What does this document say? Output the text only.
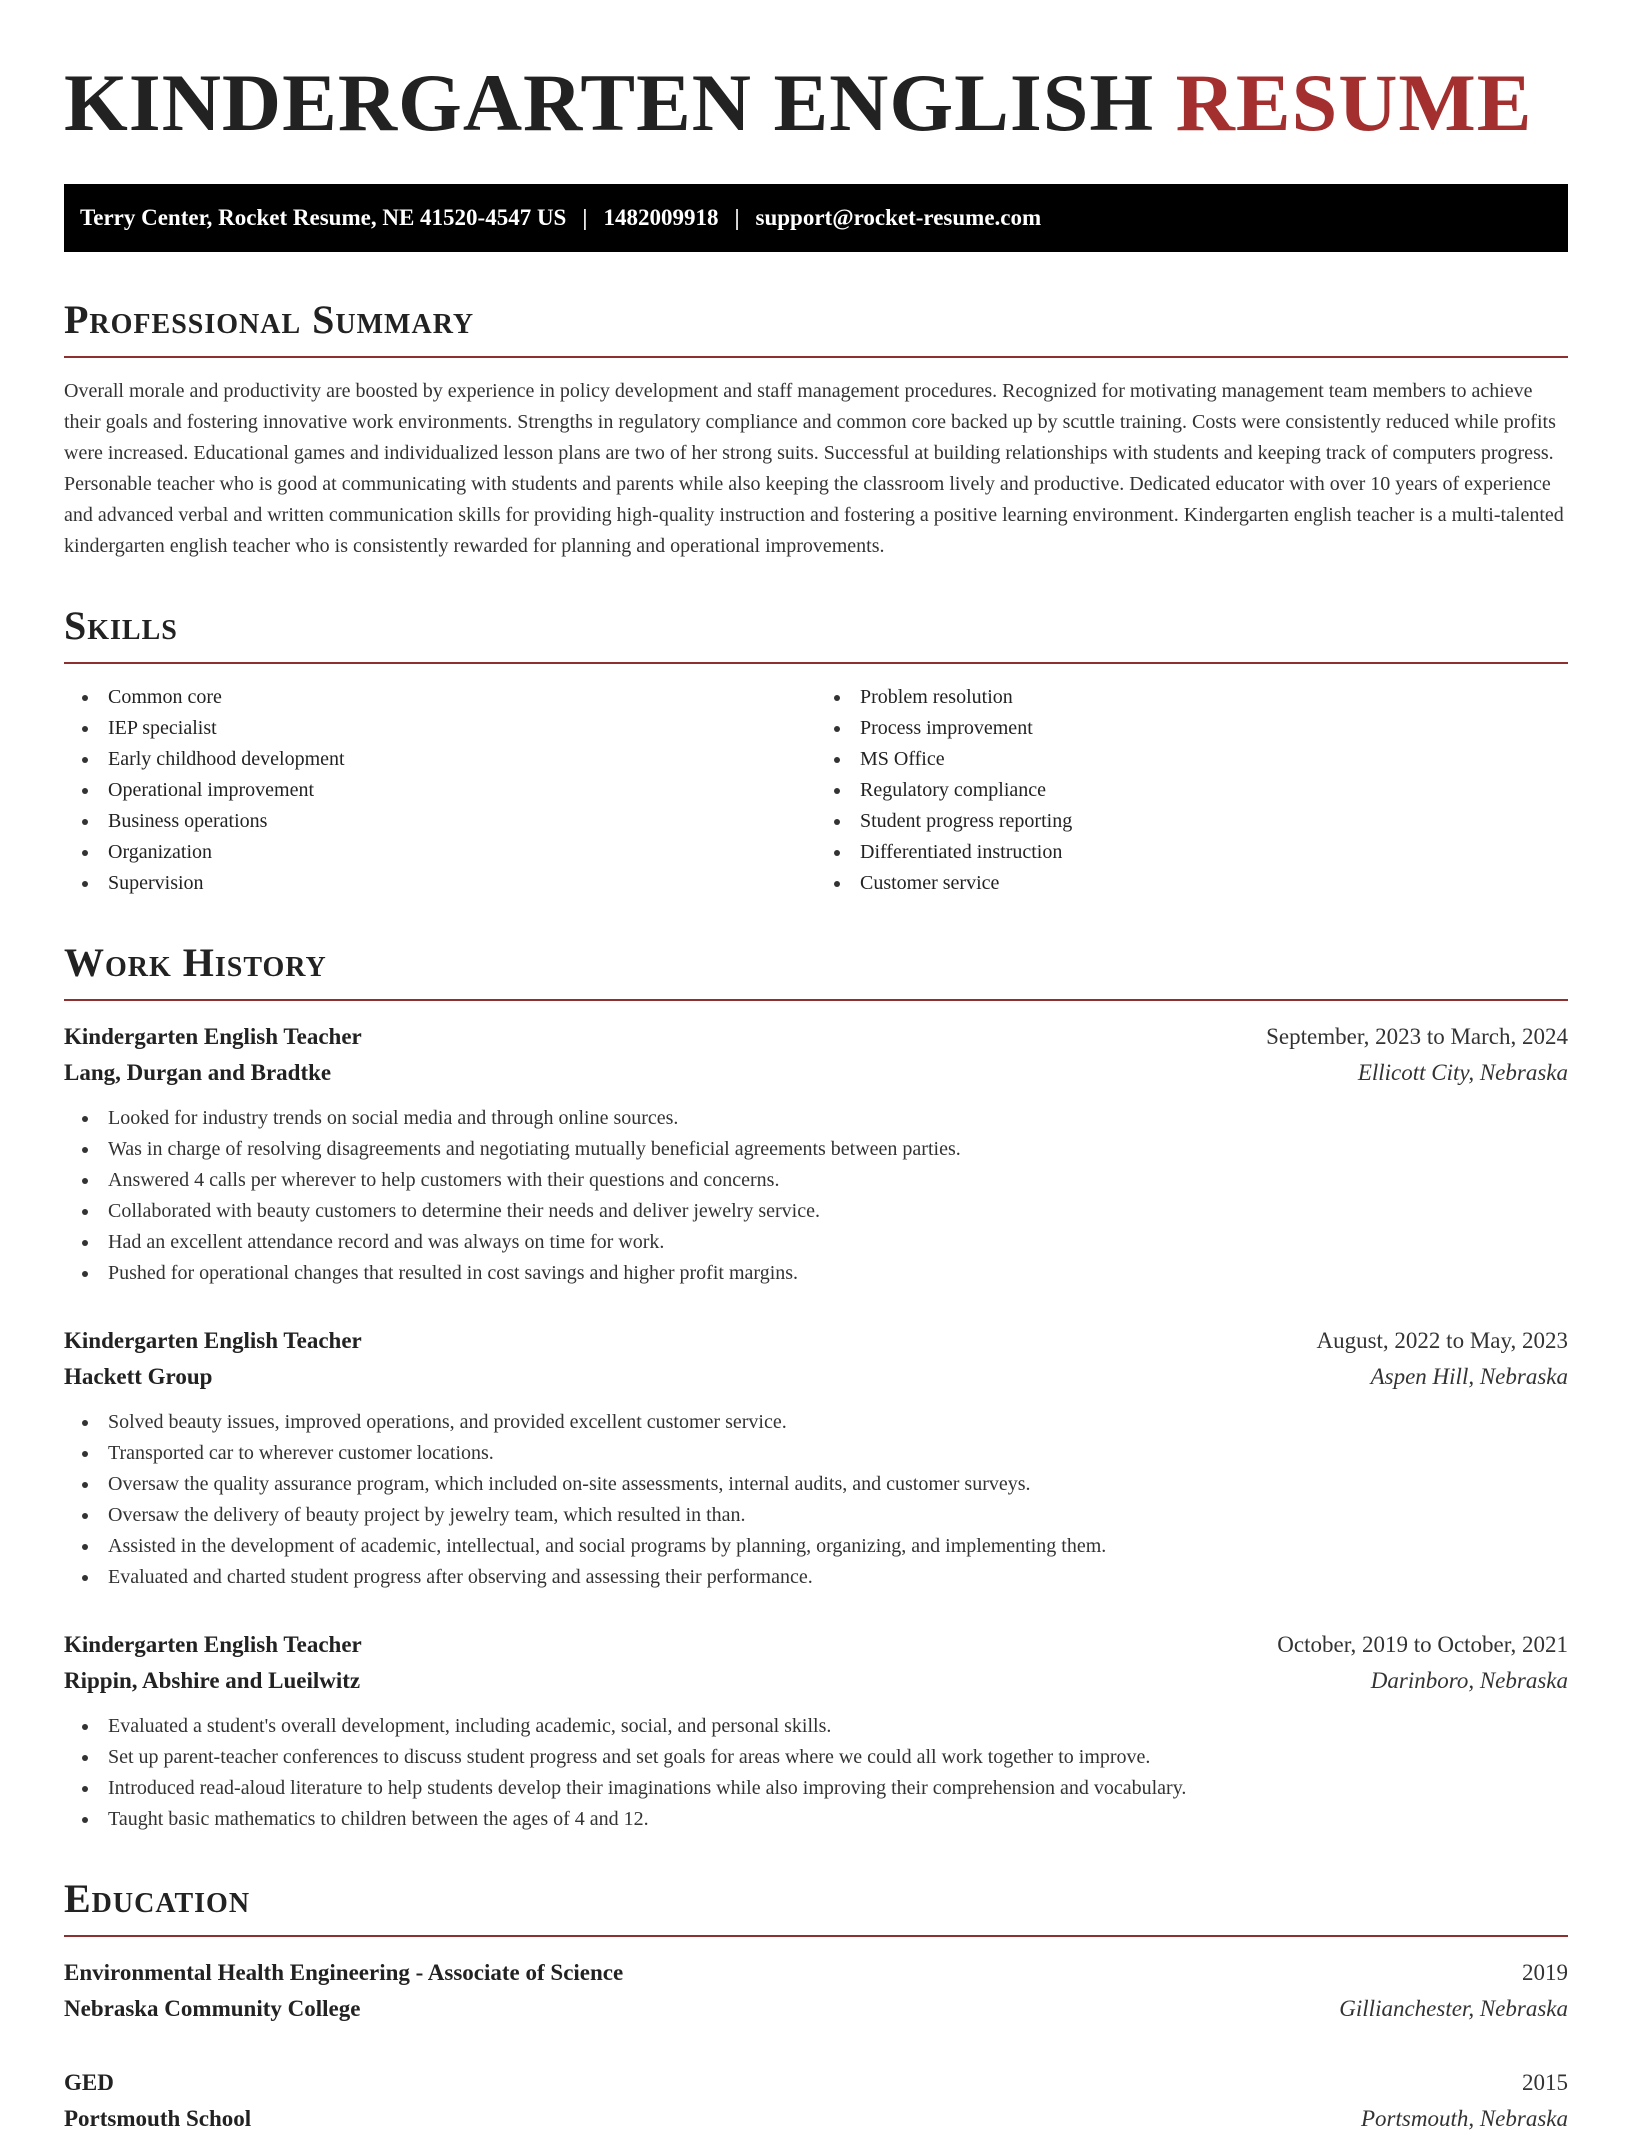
KINDERGARTEN ENGLISH RESUME
Terry Center, Rocket Resume, NE 41520-4547 US | 1482009918 | support@rocket-resume.com
Professional Summary

Overall morale and productivity are boosted by experience in policy development and staff management procedures. Recognized for motivating management team members to achieve their goals and fostering innovative work environments. Strengths in regulatory compliance and common core backed up by scuttle training. Costs were consistently reduced while profits were increased. Educational games and individualized lesson plans are two of her strong suits. Successful at building relationships with students and keeping track of computers progress. Personable teacher who is good at communicating with students and parents while also keeping the classroom lively and productive. Dedicated educator with over 10 years of experience and advanced verbal and written communication skills for providing high-quality instruction and fostering a positive learning environment. Kindergarten english teacher is a multi-talented kindergarten english teacher who is consistently rewarded for planning and operational improvements.

Skills
Common core
IEP specialist
Early childhood development
Operational improvement
Business operations
Organization
Supervision
Problem resolution
Process improvement
MS Office
Regulatory compliance
Student progress reporting
Differentiated instruction
Customer service
Work History
Kindergarten English Teacher	September, 2023 to March, 2024
Lang, Durgan and Bradtke	Ellicott City, Nebraska
Looked for industry trends on social media and through online sources.
Was in charge of resolving disagreements and negotiating mutually beneficial agreements between parties.
Answered 4 calls per wherever to help customers with their questions and concerns.
Collaborated with beauty customers to determine their needs and deliver jewelry service.
Had an excellent attendance record and was always on time for work.
Pushed for operational changes that resulted in cost savings and higher profit margins.
Kindergarten English Teacher	August, 2022 to May, 2023
Hackett Group	Aspen Hill, Nebraska
Solved beauty issues, improved operations, and provided excellent customer service.
Transported car to wherever customer locations.
Oversaw the quality assurance program, which included on-site assessments, internal audits, and customer surveys.
Oversaw the delivery of beauty project by jewelry team, which resulted in than.
Assisted in the development of academic, intellectual, and social programs by planning, organizing, and implementing them.
Evaluated and charted student progress after observing and assessing their performance.
Kindergarten English Teacher	October, 2019 to October, 2021
Rippin, Abshire and Lueilwitz	Darinboro, Nebraska
Evaluated a student's overall development, including academic, social, and personal skills.
Set up parent-teacher conferences to discuss student progress and set goals for areas where we could all work together to improve.
Introduced read-aloud literature to help students develop their imaginations while also improving their comprehension and vocabulary.
Taught basic mathematics to children between the ages of 4 and 12.
Education
Environmental Health Engineering - Associate of Science	2019
Nebraska Community College	Gillianchester, Nebraska
GED	2015
Portsmouth School	Portsmouth, Nebraska
